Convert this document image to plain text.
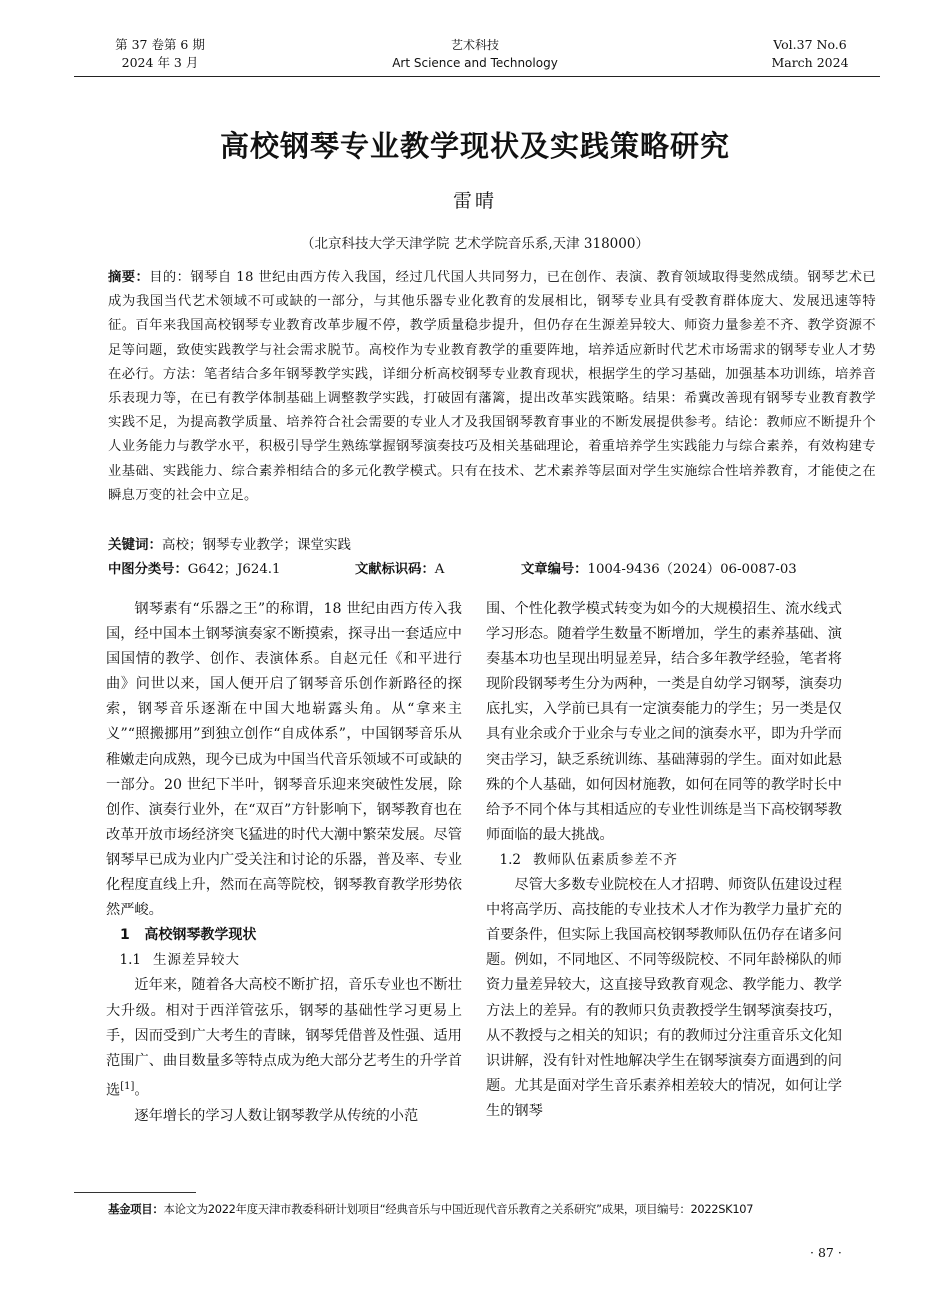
第 37 卷第 6 期
2024 年 3 月
艺术科技
Art Science and Technology
Vol.37 No.6
March 2024
高校钢琴专业教学现状及实践策略研究
雷晴
（北京科技大学天津学院 艺术学院音乐系,天津 318000）
摘要：目的：钢琴自 18 世纪由西方传入我国，经过几代国人共同努力，已在创作、表演、教育领域取得斐然成绩。钢琴艺术已成为我国当代艺术领域不可或缺的一部分，与其他乐器专业化教育的发展相比，钢琴专业具有受教育群体庞大、发展迅速等特征。百年来我国高校钢琴专业教育改革步履不停，教学质量稳步提升，但仍存在生源差异较大、师资力量参差不齐、教学资源不足等问题，致使实践教学与社会需求脱节。高校作为专业教育教学的重要阵地，培养适应新时代艺术市场需求的钢琴专业人才势在必行。方法：笔者结合多年钢琴教学实践，详细分析高校钢琴专业教育现状，根据学生的学习基础，加强基本功训练，培养音乐表现力等，在已有教学体制基础上调整教学实践，打破固有藩篱，提出改革实践策略。结果：希冀改善现有钢琴专业教育教学实践不足，为提高教学质量、培养符合社会需要的专业人才及我国钢琴教育事业的不断发展提供参考。结论：教师应不断提升个人业务能力与教学水平，积极引导学生熟练掌握钢琴演奏技巧及相关基础理论，着重培养学生实践能力与综合素养，有效构建专业基础、实践能力、综合素养相结合的多元化教学模式。只有在技术、艺术素养等层面对学生实施综合性培养教育，才能使之在瞬息万变的社会中立足。
关键词：高校；钢琴专业教学；课堂实践
中图分类号：G642；J624.1	文献标识码：A	文章编号：1004-9436（2024）06-0087-03

钢琴素有“乐器之王”的称谓，18 世纪由西方传入我国，经中国本土钢琴演奏家不断摸索，探寻出一套适应中国国情的教学、创作、表演体系。自赵元任《和平进行曲》问世以来，国人便开启了钢琴音乐创作新路径的探索，钢琴音乐逐渐在中国大地崭露头角。从“拿来主义”“照搬挪用”到独立创作“自成体系”，中国钢琴音乐从稚嫩走向成熟，现今已成为中国当代音乐领域不可或缺的一部分。20 世纪下半叶，钢琴音乐迎来突破性发展，除创作、演奏行业外，在“双百”方针影响下，钢琴教育也在改革开放市场经济突飞猛进的时代大潮中繁荣发展。尽管钢琴早已成为业内广受关注和讨论的乐器，普及率、专业化程度直线上升，然而在高等院校，钢琴教育教学形势依然严峻。

1 高校钢琴教学现状
1.1 生源差异较大

近年来，随着各大高校不断扩招，音乐专业也不断壮大升级。相对于西洋管弦乐，钢琴的基础性学习更易上手，因而受到广大考生的青睐，钢琴凭借普及性强、适用范围广、曲目数量多等特点成为绝大部分艺考生的升学首选[1]。

逐年增长的学习人数让钢琴教学从传统的小范

围、个性化教学模式转变为如今的大规模招生、流水线式学习形态。随着学生数量不断增加，学生的素养基础、演奏基本功也呈现出明显差异，结合多年教学经验，笔者将现阶段钢琴考生分为两种，一类是自幼学习钢琴，演奏功底扎实，入学前已具有一定演奏能力的学生；另一类是仅具有业余或介于业余与专业之间的演奏水平，即为升学而突击学习，缺乏系统训练、基础薄弱的学生。面对如此悬殊的个人基础，如何因材施教，如何在同等的教学时长中给予不同个体与其相适应的专业性训练是当下高校钢琴教师面临的最大挑战。

1.2 教师队伍素质参差不齐

尽管大多数专业院校在人才招聘、师资队伍建设过程中将高学历、高技能的专业技术人才作为教学力量扩充的首要条件，但实际上我国高校钢琴教师队伍仍存在诸多问题。例如，不同地区、不同等级院校、不同年龄梯队的师资力量差异较大，这直接导致教育观念、教学能力、教学方法上的差异。有的教师只负责教授学生钢琴演奏技巧，从不教授与之相关的知识；有的教师过分注重音乐文化知识讲解，没有针对性地解决学生在钢琴演奏方面遇到的问题。尤其是面对学生音乐素养相差较大的情况，如何让学生的钢琴

基金项目：本论文为2022年度天津市教委科研计划项目“经典音乐与中国近现代音乐教育之关系研究”成果，项目编号：2022SK107
· 87 ·
